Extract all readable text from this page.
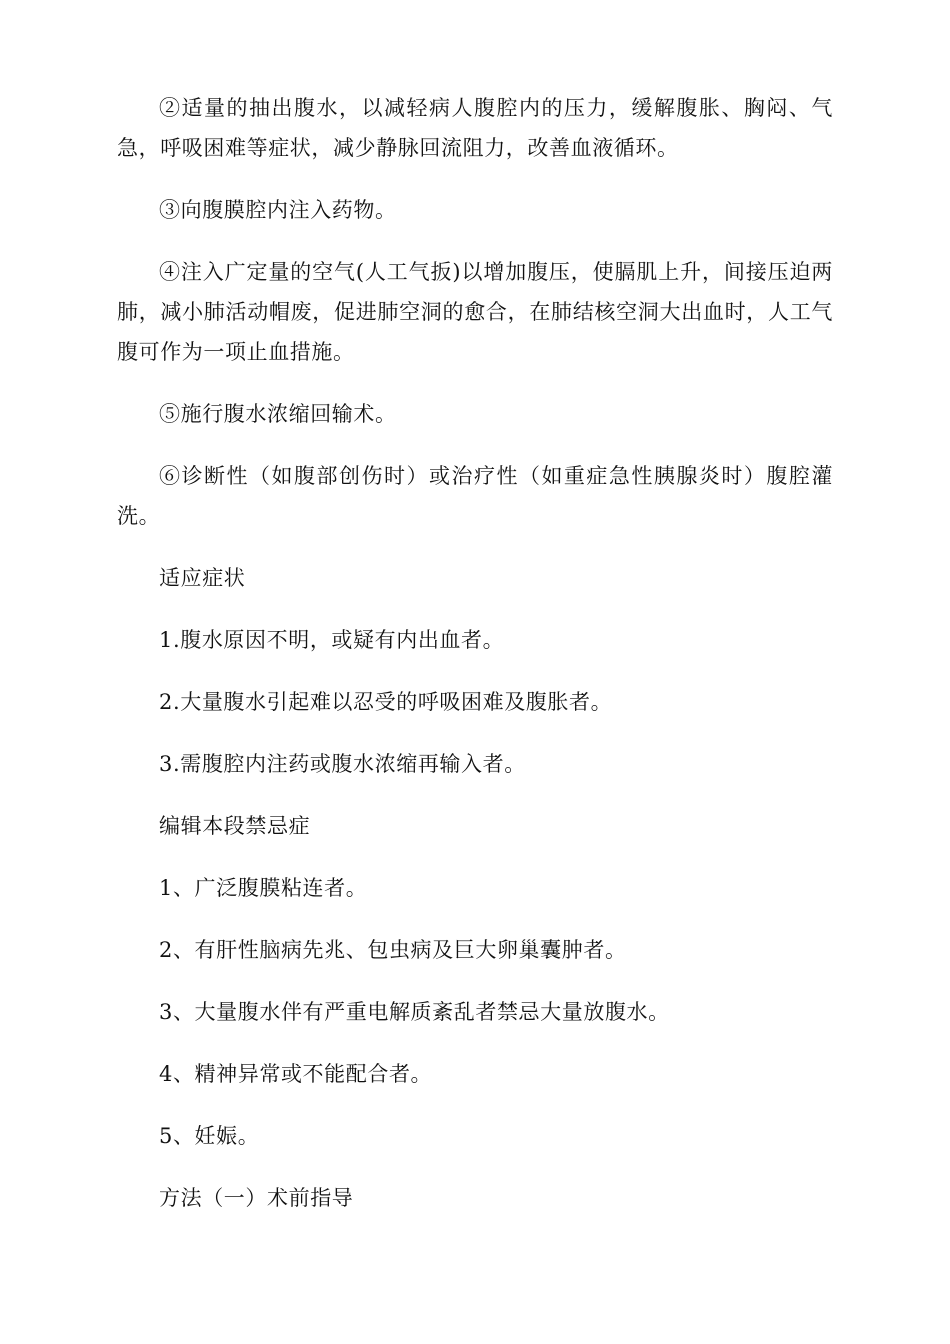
②适量的抽出腹水，以减轻病人腹腔内的压力，缓解腹胀、胸闷、气急，呼吸困难等症状，减少静脉回流阻力，改善血液循环。

③向腹膜腔内注入药物。

④注入广定量的空气(人工气扳)以增加腹压，使膈肌上升，间接压迫两肺，减小肺活动帽废，促进肺空洞的愈合，在肺结核空洞大出血时，人工气腹可作为一项止血措施。

⑤施行腹水浓缩回输术。

⑥诊断性（如腹部创伤时）或治疗性（如重症急性胰腺炎时）腹腔灌洗。

适应症状

1.腹水原因不明，或疑有内出血者。

2.大量腹水引起难以忍受的呼吸困难及腹胀者。

3.需腹腔内注药或腹水浓缩再输入者。

编辑本段禁忌症

1、广泛腹膜粘连者。

2、有肝性脑病先兆、包虫病及巨大卵巢囊肿者。

3、大量腹水伴有严重电解质紊乱者禁忌大量放腹水。

4、精神异常或不能配合者。

5、妊娠。

方法（一）术前指导
